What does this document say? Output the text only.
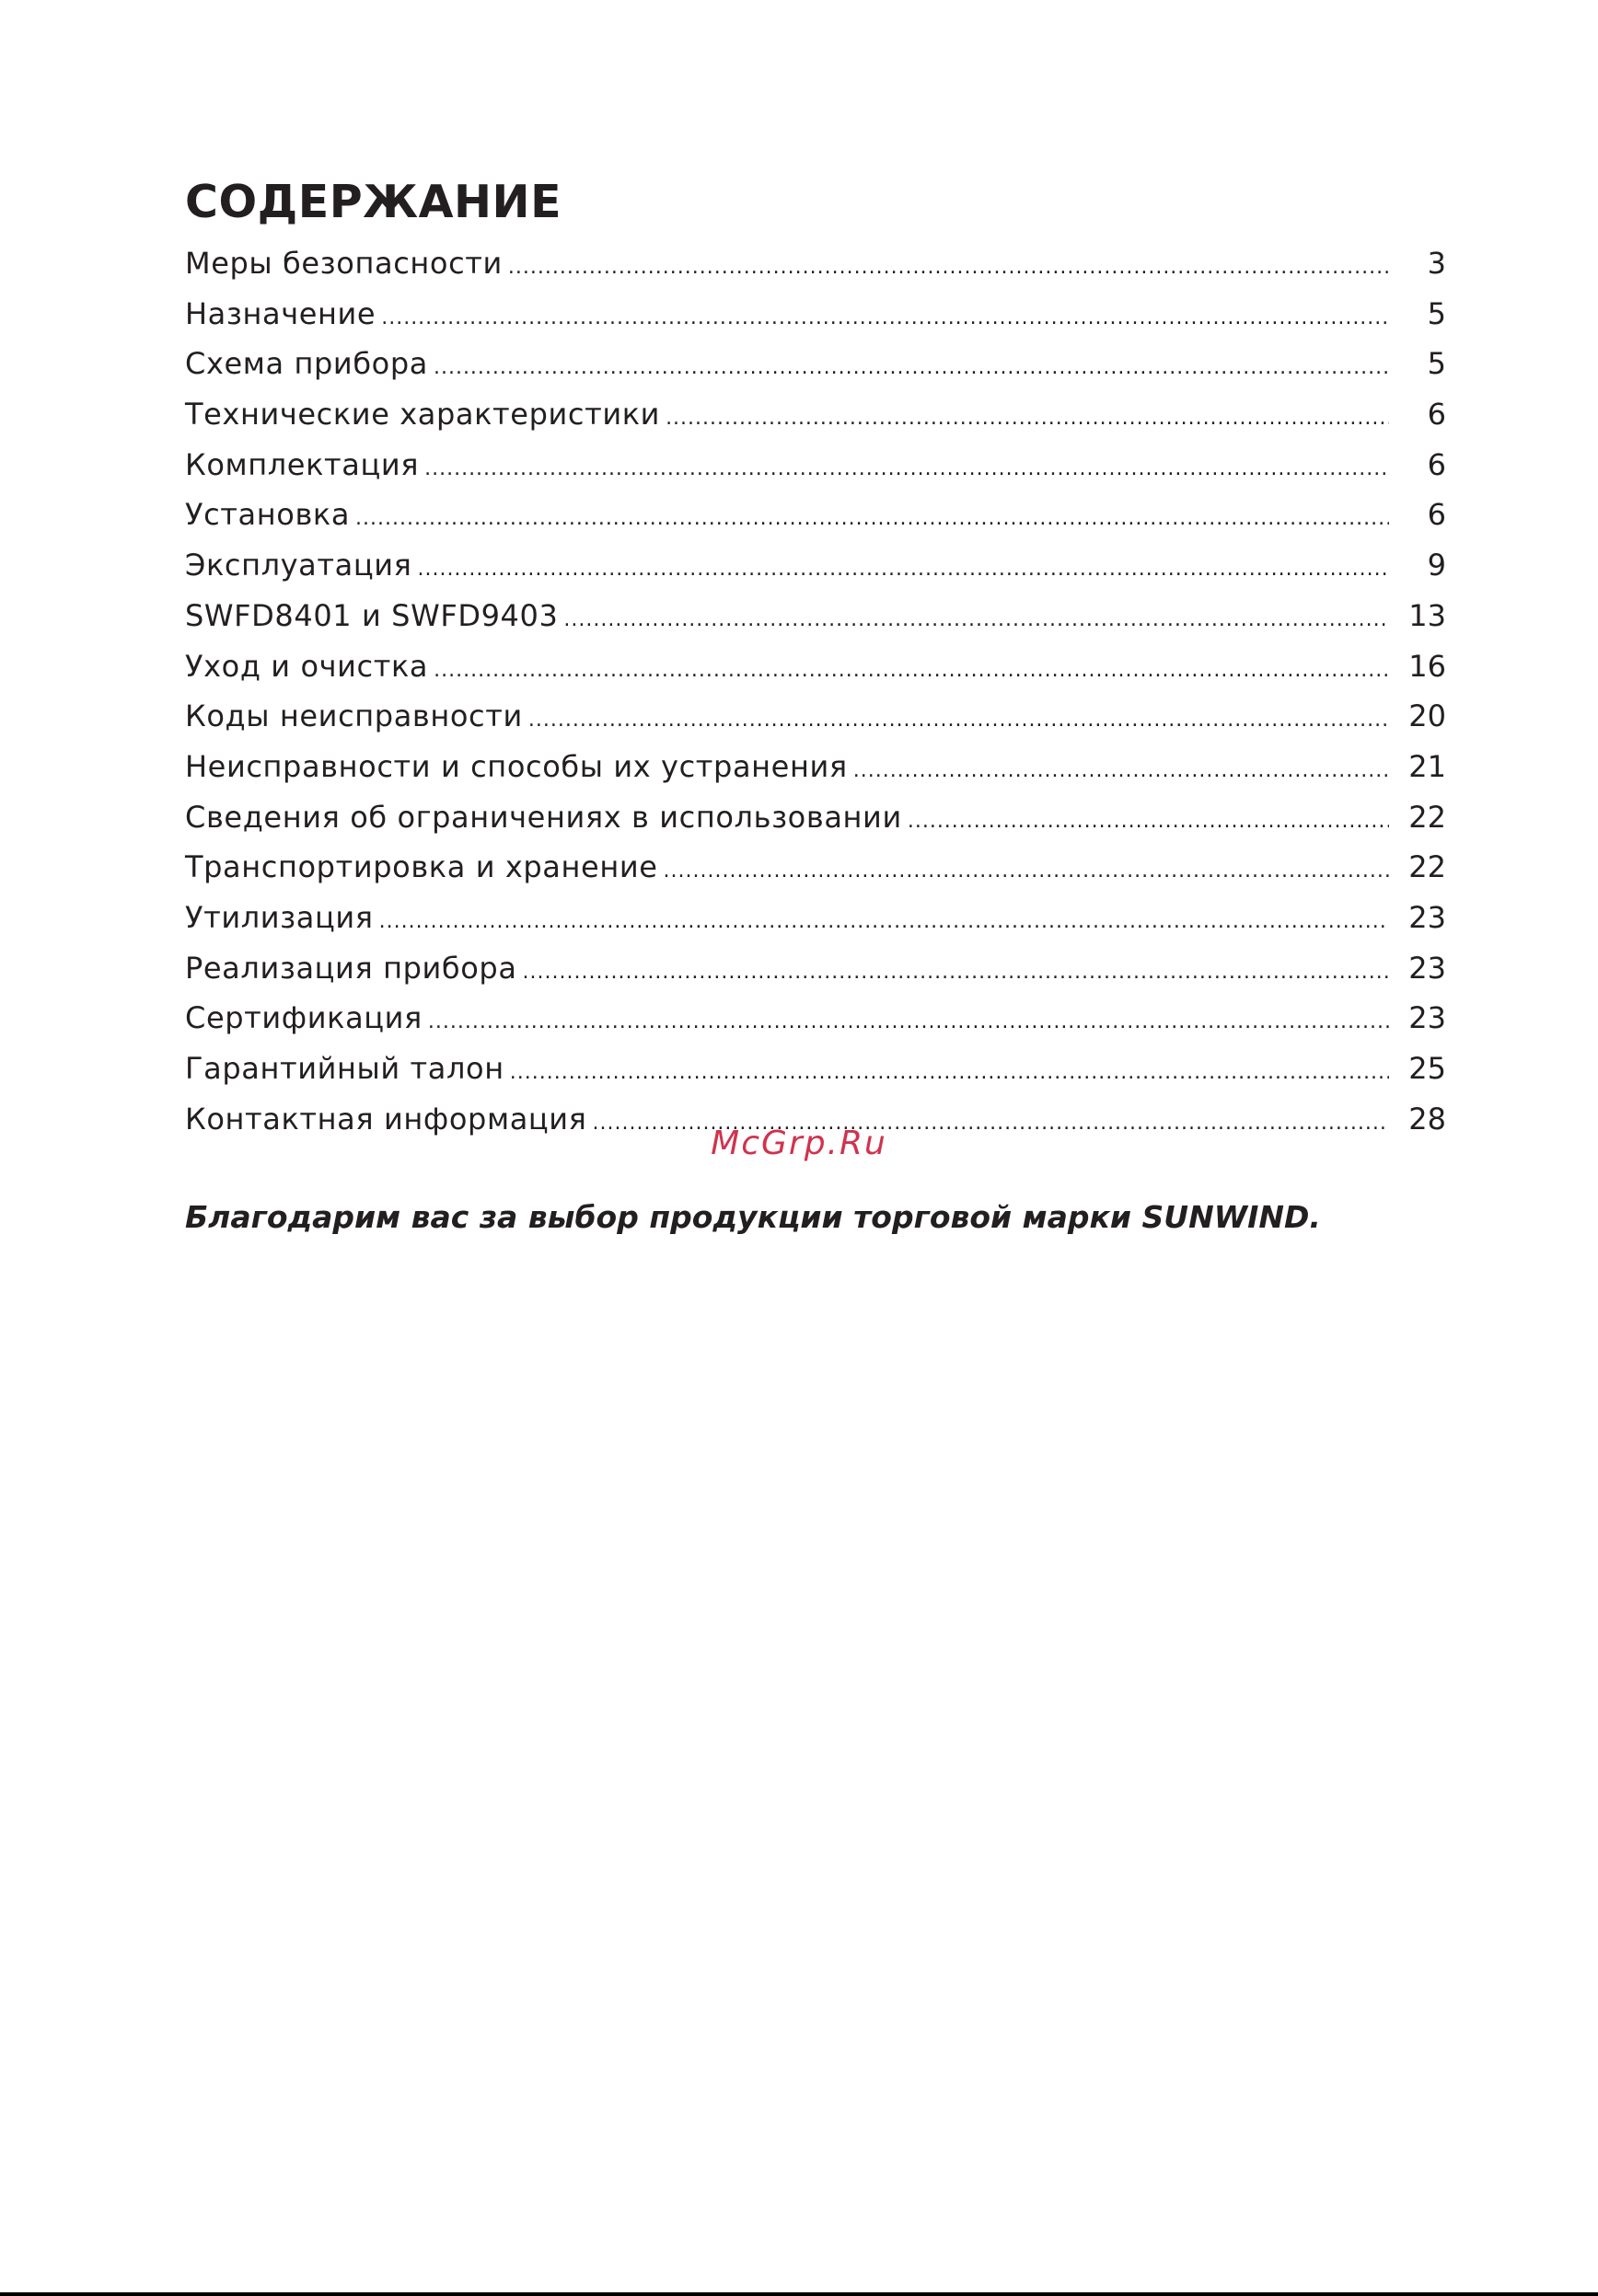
СОДЕРЖАНИЕ
Меры безопасности .....	3
Назначение .....	5
Схема прибора .....	5
Технические характеристики .....	6
Комплектация .....	6
Установка .....	6
Эксплуатация .....	9
SWFD8401 и SWFD9403 .....	13
Уход и очистка .....	16
Коды неисправности .....	20
Неисправности и способы их устранения .....	21
Сведения об ограничениях в использовании .....	22
Транспортировка и хранение .....	22
Утилизация .....	23
Реализация прибора .....	23
Сертификация .....	23
Гарантийный талон .....	25
Контактная информация .....	28
McGrp.Ru

Благодарим вас за выбор продукции торговой марки SUNWIND.
